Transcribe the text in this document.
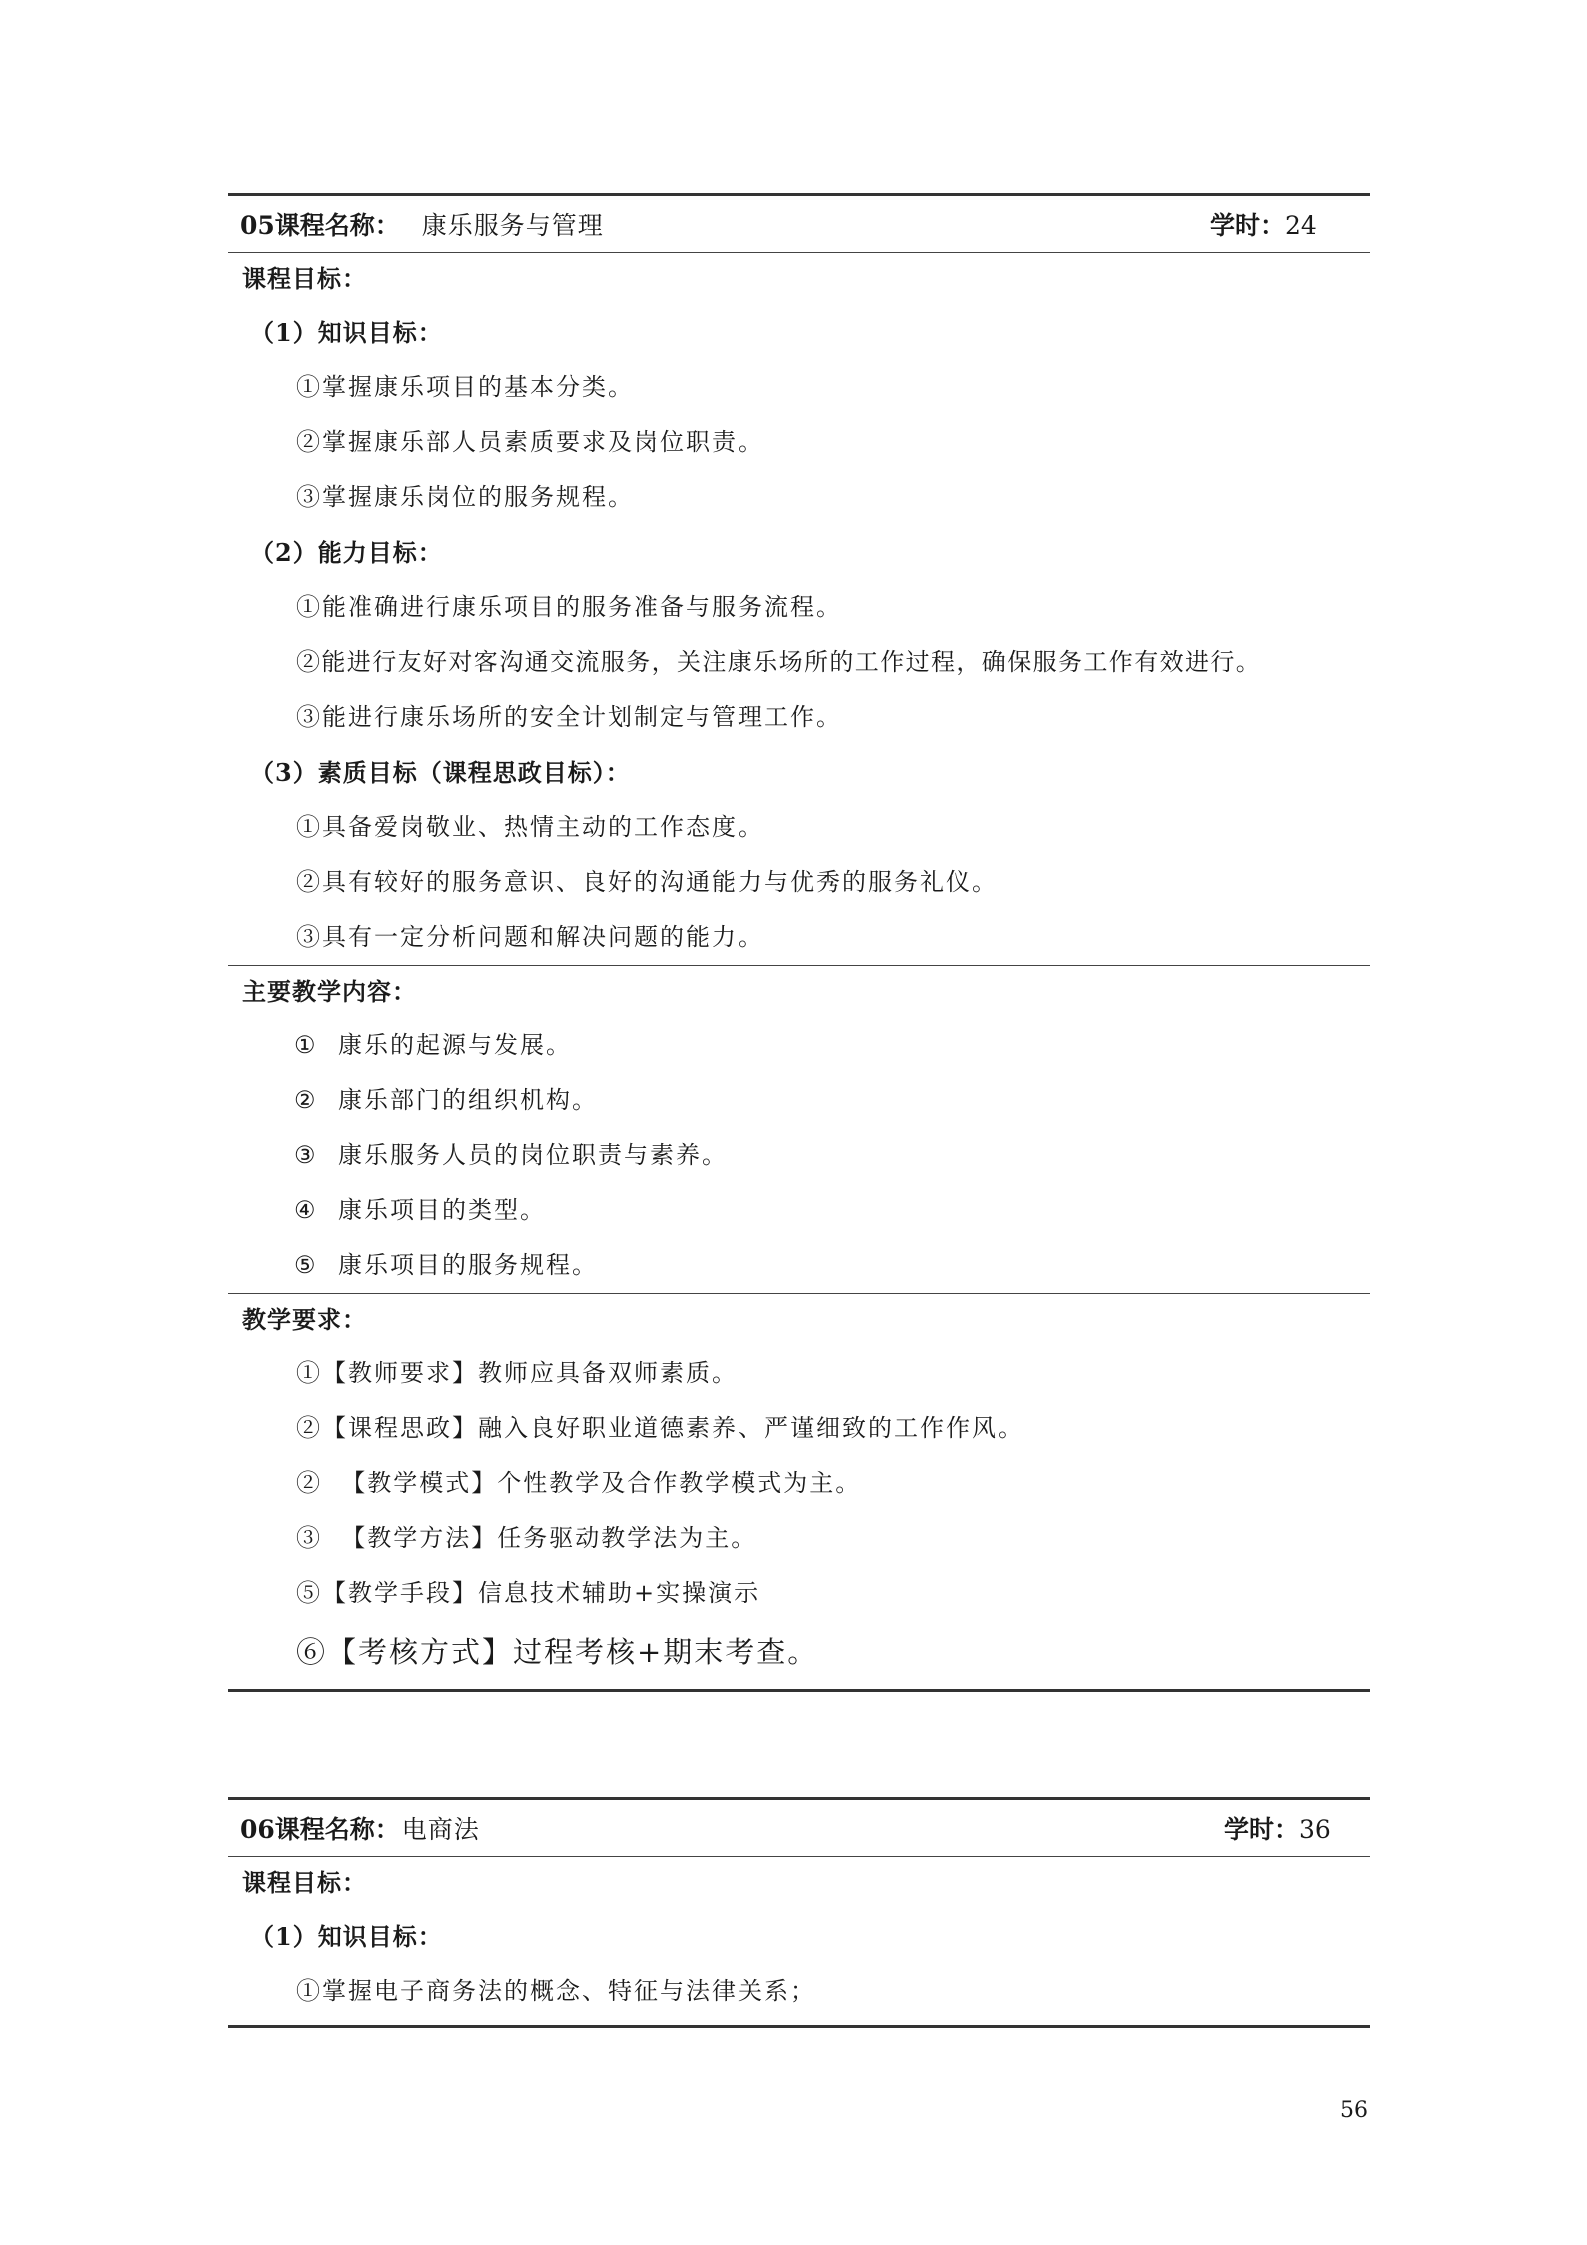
05课程名称： 康乐服务与管理	学时：24
课程目标：
（1）知识目标：
①掌握康乐项目的基本分类。
②掌握康乐部人员素质要求及岗位职责。
③掌握康乐岗位的服务规程。
（2）能力目标：
①能准确进行康乐项目的服务准备与服务流程。
②能进行友好对客沟通交流服务，关注康乐场所的工作过程，确保服务工作有效进行。
③能进行康乐场所的安全计划制定与管理工作。
（3）素质目标（课程思政目标）：
①具备爱岗敬业、热情主动的工作态度。
②具有较好的服务意识、良好的沟通能力与优秀的服务礼仪。
③具有一定分析问题和解决问题的能力。
主要教学内容：
① 康乐的起源与发展。
② 康乐部门的组织机构。
③ 康乐服务人员的岗位职责与素养。
④ 康乐项目的类型。
⑤ 康乐项目的服务规程。
教学要求：
①【教师要求】教师应具备双师素质。
②【课程思政】融入良好职业道德素养、严谨细致的工作作风。
②  【教学模式】个性教学及合作教学模式为主。
③  【教学方法】任务驱动教学法为主。
⑤【教学手段】信息技术辅助+实操演示
⑥【考核方式】过程考核+期末考查。
06课程名称： 电商法	学时：36
课程目标：
（1）知识目标：
①掌握电子商务法的概念、特征与法律关系；
56
